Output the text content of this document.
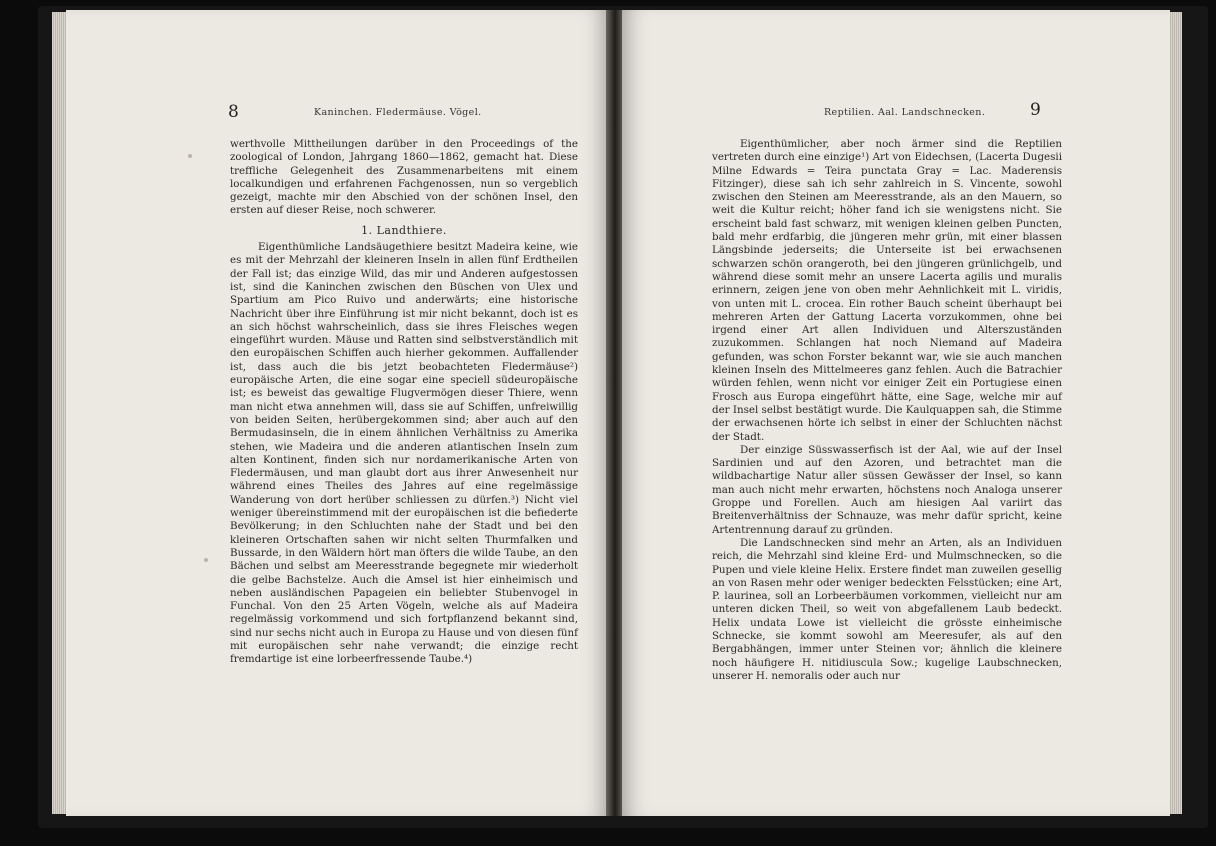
8	Kaninchen. Fledermäuse. Vögel.

werthvolle Mittheilungen darüber in den Proceedings of the zoological of London, Jahrgang 1860—1862, gemacht hat. Diese treffliche Gelegenheit des Zusammenarbeitens mit einem localkundigen und erfahrenen Fachgenossen, nun so vergeblich gezeigt, machte mir den Abschied von der schönen Insel, den ersten auf dieser Reise, noch schwerer.

1. Landthiere.

Eigenthümliche Landsäugethiere besitzt Madeira keine, wie es mit der Mehrzahl der kleineren Inseln in allen fünf Erdtheilen der Fall ist; das einzige Wild, das mir und Anderen aufgestossen ist, sind die Kaninchen zwischen den Büschen von Ulex und Spartium am Pico Ruivo und anderwärts; eine historische Nachricht über ihre Einführung ist mir nicht bekannt, doch ist es an sich höchst wahrscheinlich, dass sie ihres Fleisches wegen eingeführt wurden. Mäuse und Ratten sind selbstverständlich mit den europäischen Schiffen auch hierher gekommen. Auffallender ist, dass auch die bis jetzt beobachteten Fledermäuse²) europäische Arten, die eine sogar eine speciell südeuropäische ist; es beweist das gewaltige Flugvermögen dieser Thiere, wenn man nicht etwa annehmen will, dass sie auf Schiffen, unfreiwillig von beiden Seiten, herübergekommen sind; aber auch auf den Bermudasinseln, die in einem ähnlichen Verhältniss zu Amerika stehen, wie Madeira und die anderen atlantischen Inseln zum alten Kontinent, finden sich nur nordamerikanische Arten von Fledermäusen, und man glaubt dort aus ihrer Anwesenheit nur während eines Theiles des Jahres auf eine regelmässige Wanderung von dort herüber schliessen zu dürfen.³) Nicht viel weniger übereinstimmend mit der europäischen ist die befiederte Bevölkerung; in den Schluchten nahe der Stadt und bei den kleineren Ortschaften sahen wir nicht selten Thurmfalken und Bussarde, in den Wäldern hört man öfters die wilde Taube, an den Bächen und selbst am Meeresstrande begegnete mir wiederholt die gelbe Bachstelze. Auch die Amsel ist hier einheimisch und neben ausländischen Papageien ein beliebter Stubenvogel in Funchal. Von den 25 Arten Vögeln, welche als auf Madeira regelmässig vorkommend und sich fortpflanzend bekannt sind, sind nur sechs nicht auch in Europa zu Hause und von diesen fünf mit europäischen sehr nahe verwandt; die einzige recht fremdartige ist eine lorbeerfressende Taube.⁴)

Reptilien. Aal. Landschnecken.	9

Eigenthümlicher, aber noch ärmer sind die Reptilien vertreten durch eine einzige¹) Art von Eidechsen, (Lacerta Dugesii Milne Edwards = Teira punctata Gray = Lac. Maderensis Fitzinger), diese sah ich sehr zahlreich in S. Vincente, sowohl zwischen den Steinen am Meeresstrande, als an den Mauern, so weit die Kultur reicht; höher fand ich sie wenigstens nicht. Sie erscheint bald fast schwarz, mit wenigen kleinen gelben Puncten, bald mehr erdfarbig, die jüngeren mehr grün, mit einer blassen Längsbinde jederseits; die Unterseite ist bei erwachsenen schwarzen schön orangeroth, bei den jüngeren grünlichgelb, und während diese somit mehr an unsere Lacerta agilis und muralis erinnern, zeigen jene von oben mehr Aehnlichkeit mit L. viridis, von unten mit L. crocea. Ein rother Bauch scheint überhaupt bei mehreren Arten der Gattung Lacerta vorzukommen, ohne bei irgend einer Art allen Individuen und Alterszuständen zuzukommen. Schlangen hat noch Niemand auf Madeira gefunden, was schon Forster bekannt war, wie sie auch manchen kleinen Inseln des Mittelmeeres ganz fehlen. Auch die Batrachier würden fehlen, wenn nicht vor einiger Zeit ein Portugiese einen Frosch aus Europa eingeführt hätte, eine Sage, welche mir auf der Insel selbst bestätigt wurde. Die Kaulquappen sah, die Stimme der erwachsenen hörte ich selbst in einer der Schluchten nächst der Stadt.

Der einzige Süsswasserfisch ist der Aal, wie auf der Insel Sardinien und auf den Azoren, und betrachtet man die wildbachartige Natur aller süssen Gewässer der Insel, so kann man auch nicht mehr erwarten, höchstens noch Analoga unserer Groppe und Forellen. Auch am hiesigen Aal variirt das Breitenverhältniss der Schnauze, was mehr dafür spricht, keine Artentrennung darauf zu gründen.

Die Landschnecken sind mehr an Arten, als an Individuen reich, die Mehrzahl sind kleine Erd- und Mulmschnecken, so die Pupen und viele kleine Helix. Erstere findet man zuweilen gesellig an von Rasen mehr oder weniger bedeckten Felsstücken; eine Art, P. laurinea, soll an Lorbeerbäumen vorkommen, vielleicht nur am unteren dicken Theil, so weit von abgefallenem Laub bedeckt. Helix undata Lowe ist vielleicht die grösste einheimische Schnecke, sie kommt sowohl am Meeresufer, als auf den Bergabhängen, immer unter Steinen vor; ähnlich die kleinere noch häufigere H. nitidiuscula Sow.; kugelige Laubschnecken, unserer H. nemoralis oder auch nur
